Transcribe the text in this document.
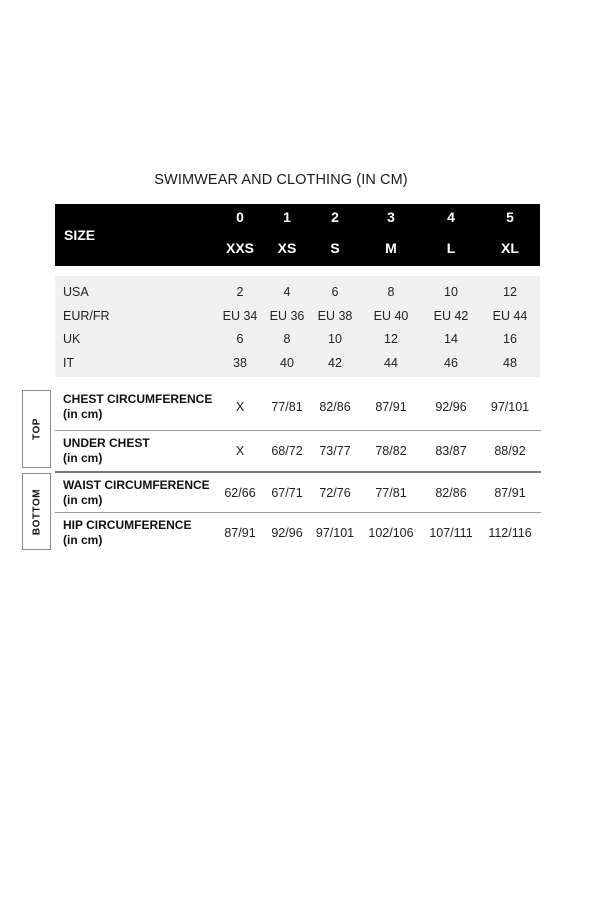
SWIMWEAR AND CLOTHING (IN CM)
SIZE
0	1	2	3	4	5
XXS	XS	S	M	L	XL
USA	2	4	6	8	10	12
EUR/FR	EU 34 EU 36	EU 38	EU 40	EU 42	EU 44
UK	6	8	10	12	14	16
IT	38	40	42	44	46	48
TOP
BOTTOM
CHEST CIRCUMFERENCE
(in cm)	X	77/81	82/86	87/91	92/96	97/101
UNDER CHEST
(in cm)	X	68/72	73/77	78/82	83/87	88/92
WAIST CIRCUMFERENCE
(in cm)	62/66	67/71	72/76	77/81	82/86	87/91
HIP CIRCUMFERENCE
(in cm)	87/91	92/96	97/101	102/106	107/111	112/116
